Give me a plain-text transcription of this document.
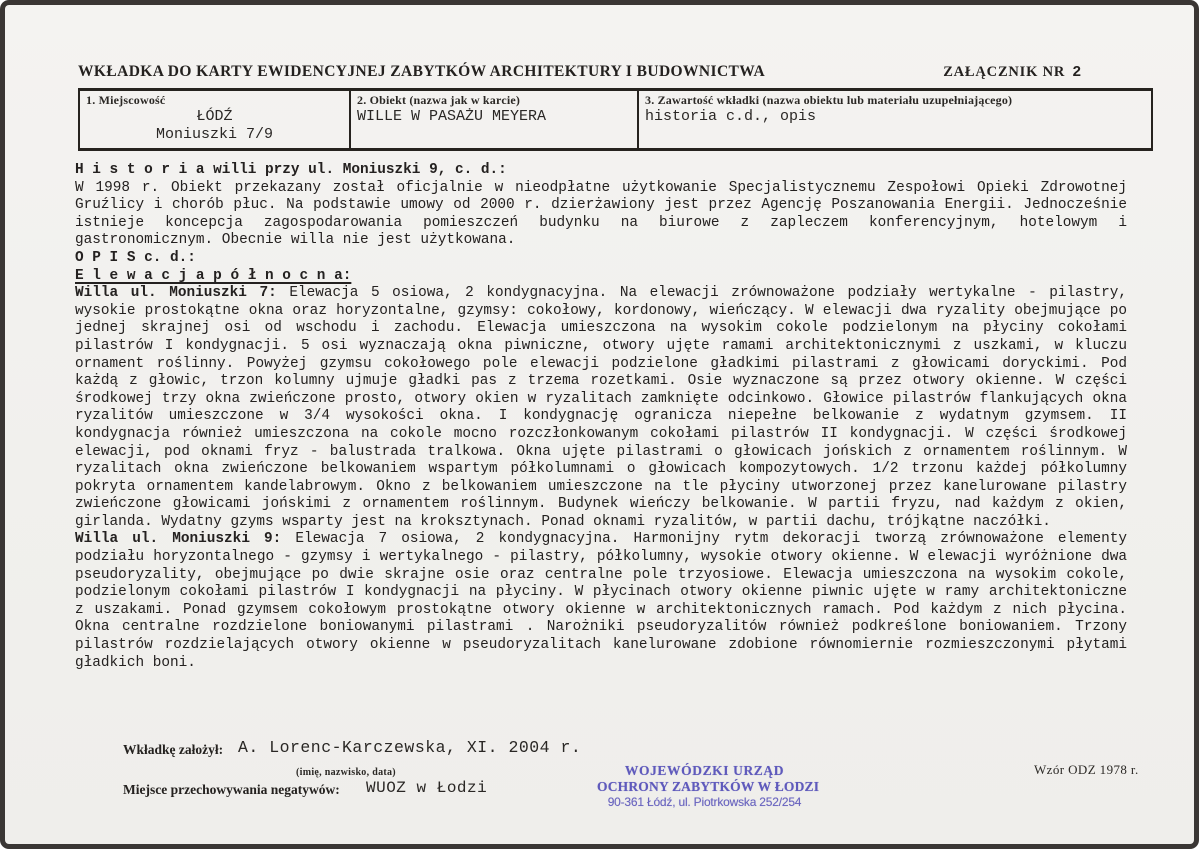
WKŁADKA DO KARTY EWIDENCYJNEJ ZABYTKÓW ARCHITEKTURY I BUDOWNICTWA	ZAŁĄCZNIK NR 2
1. Miejscowość
ŁÓDŹ
Moniuszki 7/9
2. Obiekt (nazwa jak w karcie)
WILLE W PASAŻU MEYERA
3. Zawartość wkładki (nazwa obiektu lub materiału uzupełniającego)
historia c.d., opis
H i s t o r i a willi przy ul. Moniuszki 9, c. d.:

W 1998 r. Obiekt przekazany został oficjalnie w nieodpłatne użytkowanie Specjalistycznemu Zespołowi Opieki Zdrowotnej Gruźlicy i chorób płuc. Na podstawie umowy od 2000 r. dzierżawiony jest przez Agencję Poszanowania Energii. Jednocześnie istnieje koncepcja zagospodarowania pomieszczeń budynku na biurowe z zapleczem konferencyjnym, hotelowym i gastronomicznym. Obecnie willa nie jest użytkowana.

O P I S c. d.:
E l e w a c j a p ó ł n o c n a:

Willa ul. Moniuszki 7: Elewacja 5 osiowa, 2 kondygnacyjna. Na elewacji zrównoważone podziały wertykalne - pilastry, wysokie prostokątne okna oraz horyzontalne, gzymsy: cokołowy, kordonowy, wieńczący. W elewacji dwa ryzality obejmujące po jednej skrajnej osi od wschodu i zachodu. Elewacja umieszczona na wysokim cokole podzielonym na płyciny cokołami pilastrów I kondygnacji. 5 osi wyznaczają okna piwniczne, otwory ujęte ramami architektonicznymi z uszkami, w kluczu ornament roślinny. Powyżej gzymsu cokołowego pole elewacji podzielone gładkimi pilastrami z głowicami doryckimi. Pod każdą z głowic, trzon kolumny ujmuje gładki pas z trzema rozetkami. Osie wyznaczone są przez otwory okienne. W części środkowej trzy okna zwieńczone prosto, otwory okien w ryzalitach zamknięte odcinkowo. Głowice pilastrów flankujących okna ryzalitów umieszczone w 3/4 wysokości okna. I kondygnację ogranicza niepełne belkowanie z wydatnym gzymsem. II kondygnacja również umieszczona na cokole mocno rozczłonkowanym cokołami pilastrów II kondygnacji. W części środkowej elewacji, pod oknami fryz - balustrada tralkowa. Okna ujęte pilastrami o głowicach jońskich z ornamentem roślinnym. W ryzalitach okna zwieńczone belkowaniem wspartym półkolumnami o głowicach kompozytowych. 1/2 trzonu każdej półkolumny pokryta ornamentem kandelabrowym. Okno z belkowaniem umieszczone na tle płyciny utworzonej przez kanelurowane pilastry zwieńczone głowicami jońskimi z ornamentem roślinnym. Budynek wieńczy belkowanie. W partii fryzu, nad każdym z okien, girlanda. Wydatny gzyms wsparty jest na kroksztynach. Ponad oknami ryzalitów, w partii dachu, trójkątne naczółki.

Willa ul. Moniuszki 9: Elewacja 7 osiowa, 2 kondygnacyjna. Harmonijny rytm dekoracji tworzą zrównoważone elementy podziału horyzontalnego - gzymsy i wertykalnego - pilastry, półkolumny, wysokie otwory okienne. W elewacji wyróżnione dwa pseudoryzality, obejmujące po dwie skrajne osie oraz centralne pole trzyosiowe. Elewacja umieszczona na wysokim cokole, podzielonym cokołami pilastrów I kondygnacji na płyciny. W płycinach otwory okienne piwnic ujęte w ramy architektoniczne z uszakami. Ponad gzymsem cokołowym prostokątne otwory okienne w architektonicznych ramach. Pod każdym z nich płycina. Okna centralne rozdzielone boniowanymi pilastrami . Narożniki pseudoryzalitów również podkreślone boniowaniem. Trzony pilastrów rozdzielających otwory okienne w pseudoryzalitach kanelurowane zdobione równomiernie rozmieszczonymi płytami gładkich boni.

Wkładkę założył: A. Lorenc-Karczewska, XI. 2004 r.
(imię, nazwisko, data)
Miejsce przechowywania negatywów: WUOZ w Łodzi
WOJEWÓDZKI URZĄD
OCHRONY ZABYTKÓW W ŁODZI
90-361 Łódź, ul. Piotrkowska 252/254
Wzór ODZ 1978 r.
